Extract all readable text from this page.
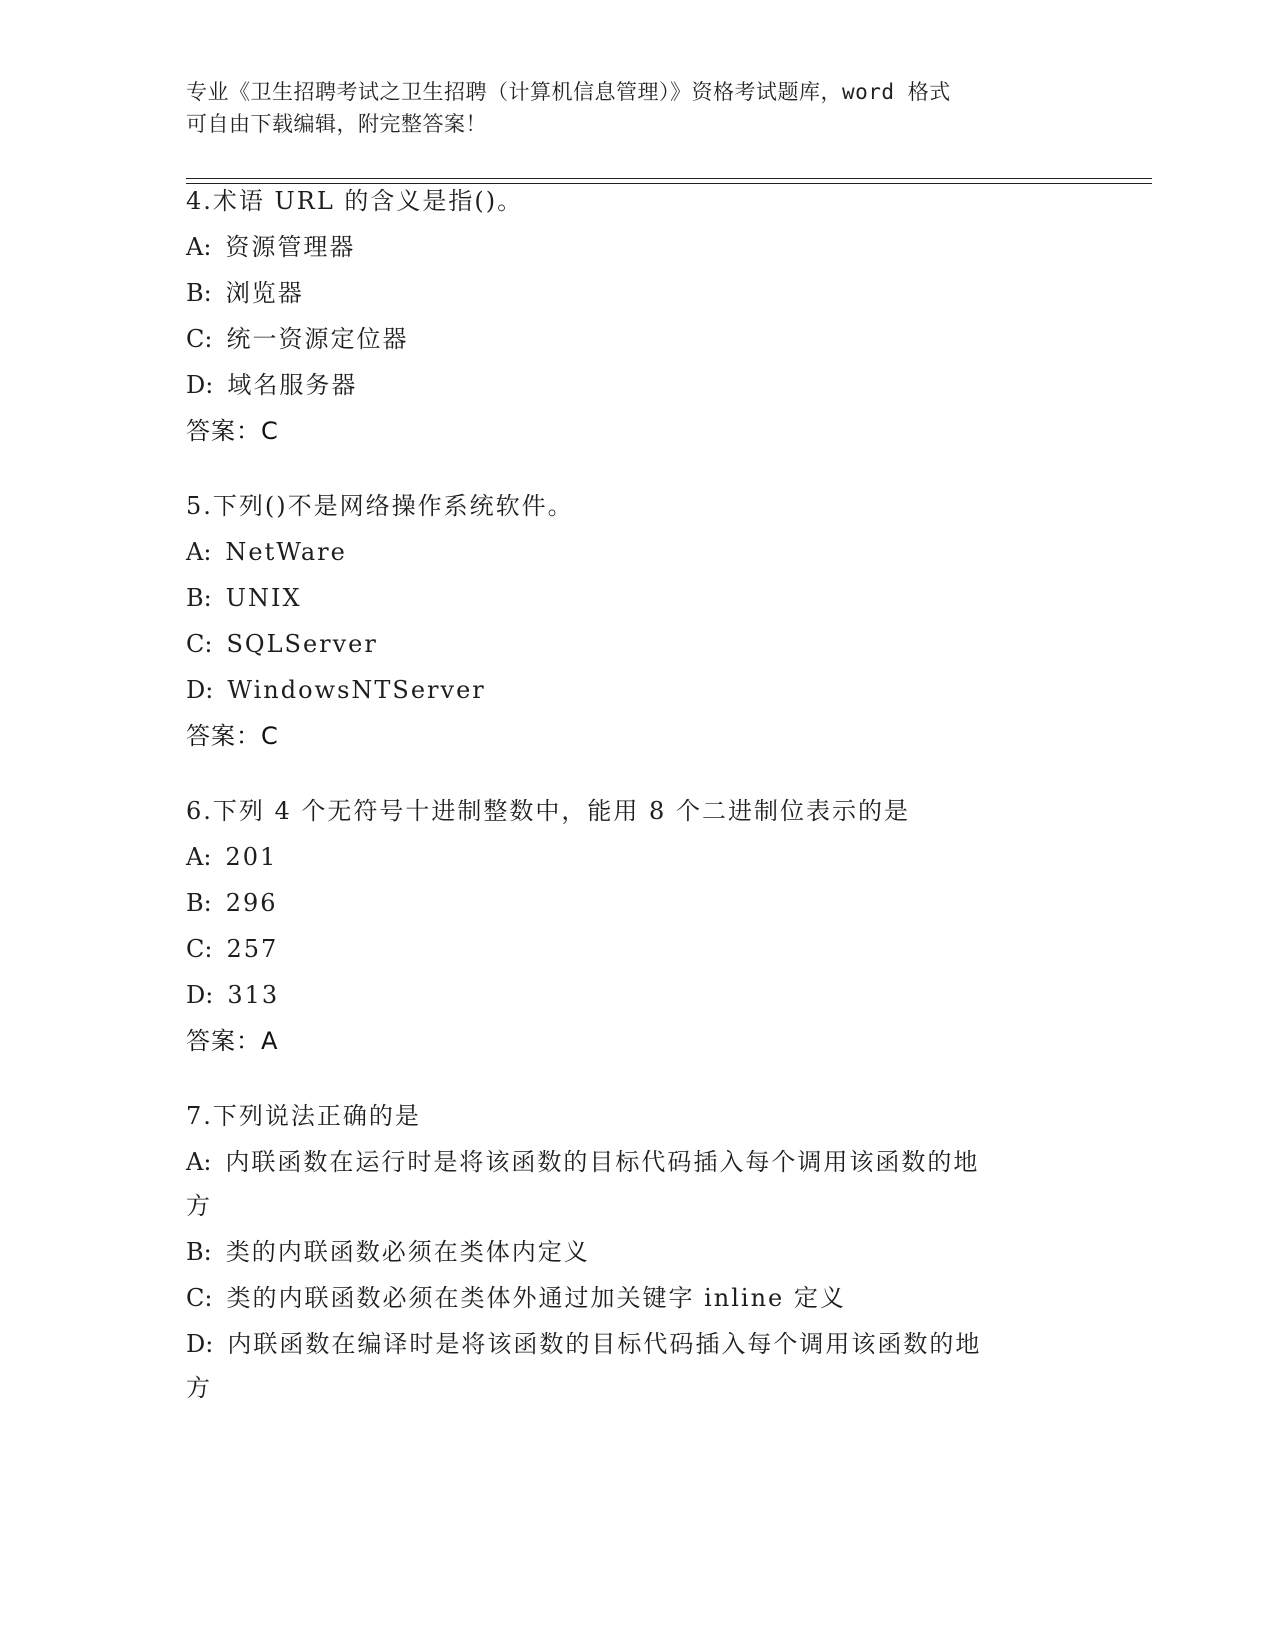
专业《卫生招聘考试之卫生招聘（计算机信息管理）》资格考试题库，word 格式
可自由下载编辑，附完整答案！
4.术语 URL 的含义是指()。
A: 资源管理器
B: 浏览器
C: 统一资源定位器
D: 域名服务器
答案：C
5.下列()不是网络操作系统软件。
A: NetWare
B: UNIX
C: SQLServer
D: WindowsNTServer
答案：C
6.下列 4 个无符号十进制整数中，能用 8 个二进制位表示的是
A: 201
B: 296
C: 257
D: 313
答案：A
7.下列说法正确的是
A: 内联函数在运行时是将该函数的目标代码插入每个调用该函数的地
方
B: 类的内联函数必须在类体内定义
C: 类的内联函数必须在类体外通过加关键字 inline 定义
D: 内联函数在编译时是将该函数的目标代码插入每个调用该函数的地
方
